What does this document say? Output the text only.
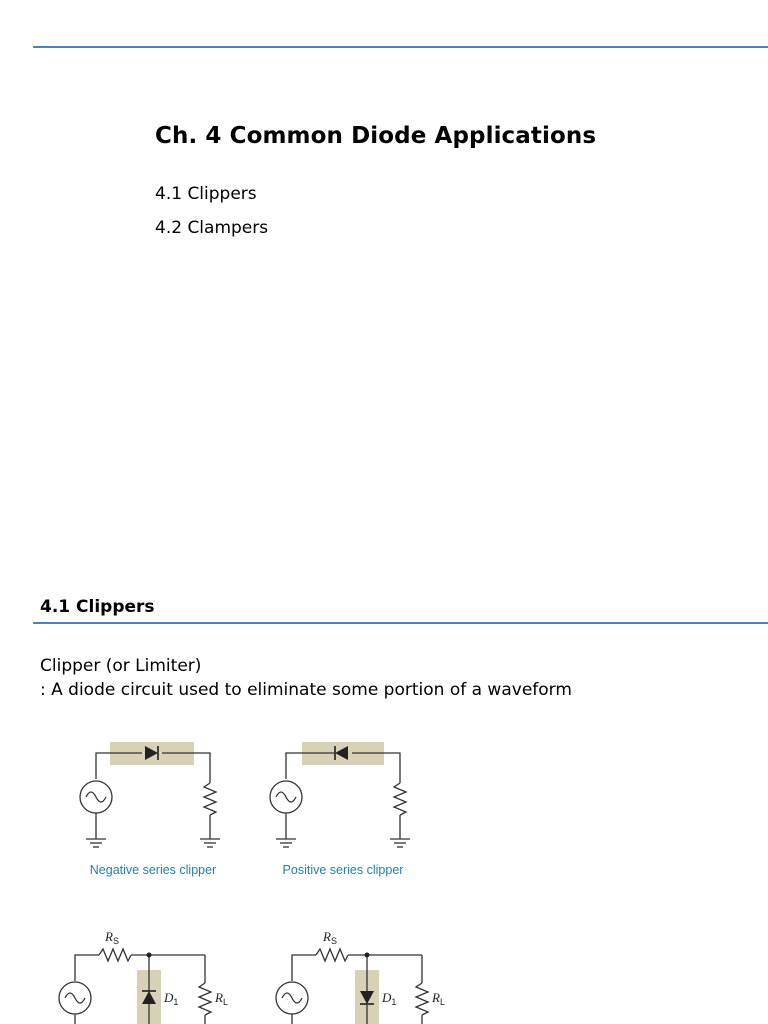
Ch. 4 Common Diode Applications
4.1 Clippers
4.2 Clampers
4.1 Clippers
Clipper (or Limiter)
: A diode circuit used to eliminate some portion of a waveform
Negative series clipper	Positive series clipper
$R_S$
$D_1$	$R_L$
$R_S$
$D_1$	$R_L$
